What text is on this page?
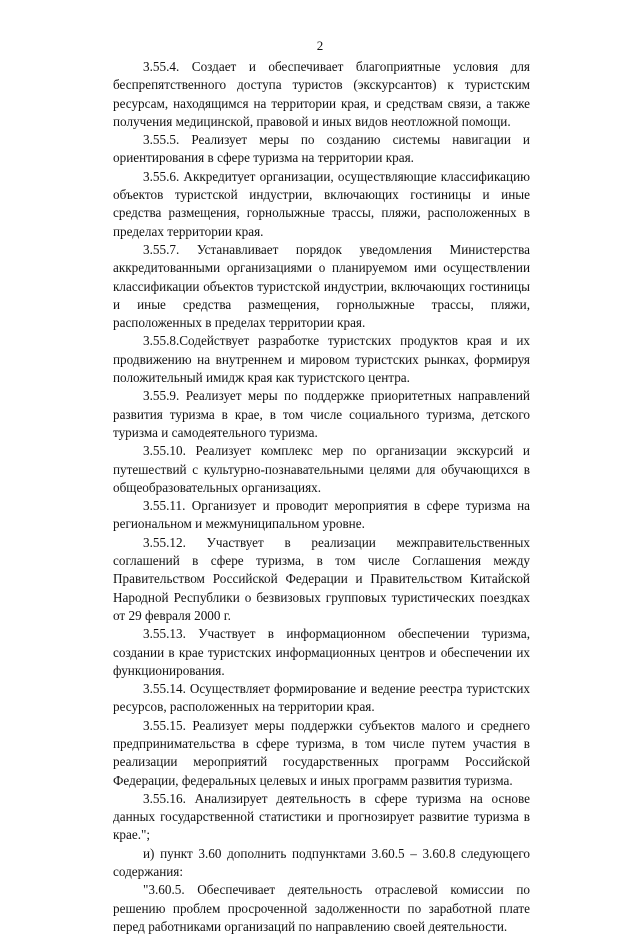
2

3.55.4. Создает и обеспечивает благоприятные условия для беспрепятственного доступа туристов (экскурсантов) к туристским ресурсам, находящимся на территории края, и средствам связи, а также получения медицинской, правовой и иных видов неотложной помощи.

3.55.5. Реализует меры по созданию системы навигации и ориентирования в сфере туризма на территории края.

3.55.6. Аккредитует организации, осуществляющие классификацию объектов туристской индустрии, включающих гостиницы и иные средства размещения, горнолыжные трассы, пляжи, расположенных в пределах территории края.

3.55.7. Устанавливает порядок уведомления Министерства аккредитованными организациями о планируемом ими осуществлении классификации объектов туристской индустрии, включающих гостиницы и иные средства размещения, горнолыжные трассы, пляжи, расположенных в пределах территории края.

3.55.8.Содействует разработке туристских продуктов края и их продвижению на внутреннем и мировом туристских рынках, формируя положительный имидж края как туристского центра.

3.55.9. Реализует меры по поддержке приоритетных направлений развития туризма в крае, в том числе социального туризма, детского туризма и самодеятельного туризма.

3.55.10. Реализует комплекс мер по организации экскурсий и путешествий с культурно-познавательными целями для обучающихся в общеобразовательных организациях.

3.55.11. Организует и проводит мероприятия в сфере туризма на региональном и межмуниципальном уровне.

3.55.12. Участвует в реализации межправительственных соглашений в сфере туризма, в том числе Соглашения между Правительством Российской Федерации и Правительством Китайской Народной Республики о безвизовых групповых туристических поездках от 29 февраля 2000 г.

3.55.13. Участвует в информационном обеспечении туризма, создании в крае туристских информационных центров и обеспечении их функционирования.

3.55.14. Осуществляет формирование и ведение реестра туристских ресурсов, расположенных на территории края.

3.55.15. Реализует меры поддержки субъектов малого и среднего предпринимательства в сфере туризма, в том числе путем участия в реализации мероприятий государственных программ Российской Федерации, федеральных целевых и иных программ развития туризма.

3.55.16. Анализирует деятельность в сфере туризма на основе данных государственной статистики и прогнозирует развитие туризма в крае.";

и) пункт 3.60 дополнить подпунктами 3.60.5 – 3.60.8 следующего содержания:

"3.60.5. Обеспечивает деятельность отраслевой комиссии по решению проблем просроченной задолженности по заработной плате перед работниками организаций по направлению своей деятельности.
